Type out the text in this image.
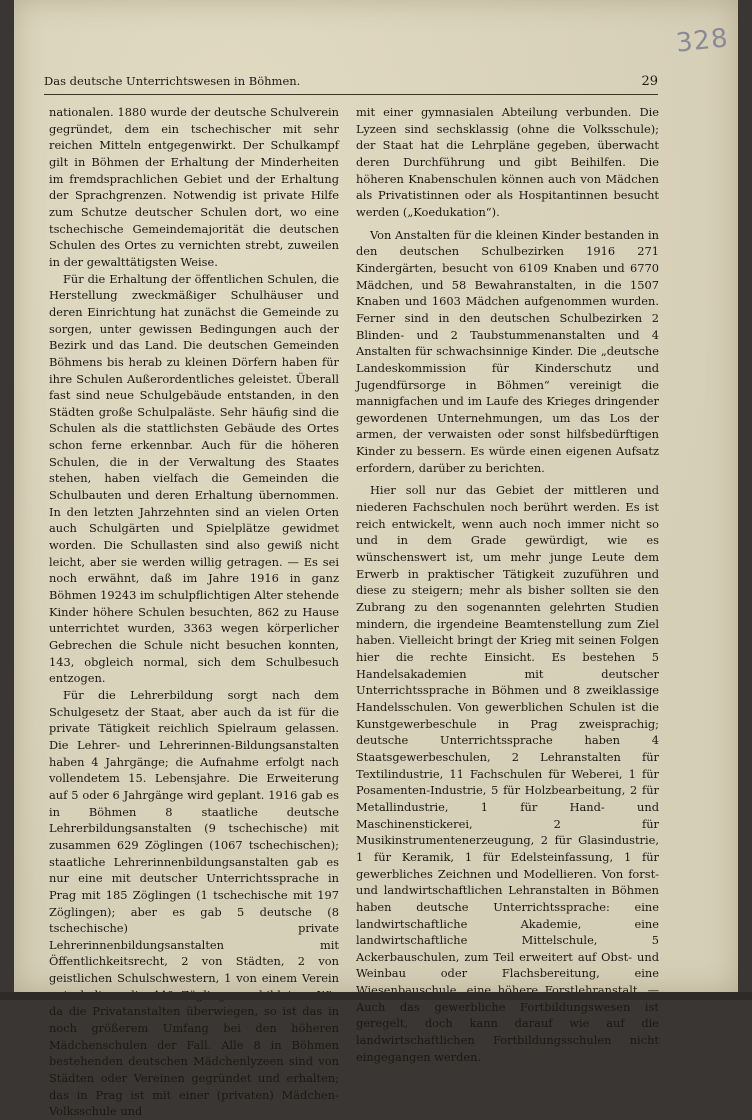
328
Das deutsche Unterrichtswesen in Böhmen.	29

nationalen. 1880 wurde der deutsche Schulverein gegründet, dem ein tschechischer mit sehr reichen Mitteln entgegenwirkt. Der Schulkampf gilt in Böhmen der Erhaltung der Minderheiten im fremdsprachlichen Gebiet und der Erhaltung der Sprachgrenzen. Notwendig ist private Hilfe zum Schutze deutscher Schulen dort, wo eine tschechische Gemeindemajorität die deutschen Schulen des Ortes zu vernichten strebt, zuweilen in der gewalttätigsten Weise.

Für die Erhaltung der öffentlichen Schulen, die Herstellung zweckmäßiger Schulhäuser und deren Einrichtung hat zunächst die Gemeinde zu sorgen, unter gewissen Bedingungen auch der Bezirk und das Land. Die deutschen Gemeinden Böhmens bis herab zu kleinen Dörfern haben für ihre Schulen Außerordentliches geleistet. Überall fast sind neue Schulgebäude entstanden, in den Städten große Schulpaläste. Sehr häufig sind die Schulen als die stattlichsten Gebäude des Ortes schon ferne erkennbar. Auch für die höheren Schulen, die in der Verwaltung des Staates stehen, haben vielfach die Gemeinden die Schulbauten und deren Erhaltung übernommen. In den letzten Jahrzehnten sind an vielen Orten auch Schulgärten und Spielplätze gewidmet worden. Die Schullasten sind also gewiß nicht leicht, aber sie werden willig getragen. — Es sei noch erwähnt, daß im Jahre 1916 in ganz Böhmen 19243 im schulpflichtigen Alter stehende Kinder höhere Schulen besuchten, 862 zu Hause unterrichtet wurden, 3363 wegen körperlicher Gebrechen die Schule nicht besuchen konnten, 143, obgleich normal, sich dem Schulbesuch entzogen.

Für die Lehrerbildung sorgt nach dem Schulgesetz der Staat, aber auch da ist für die private Tätigkeit reichlich Spielraum gelassen. Die Lehrer- und Lehrerinnen-Bildungsanstalten haben 4 Jahrgänge; die Aufnahme erfolgt nach vollendetem 15. Lebensjahre. Die Erweiterung auf 5 oder 6 Jahrgänge wird geplant. 1916 gab es in Böhmen 8 staatliche deutsche Lehrerbildungsanstalten (9 tschechische) mit zusammen 629 Zöglingen (1067 tschechischen); staatliche Lehrerinnenbildungsanstalten gab es nur eine mit deutscher Unterrichtssprache in Prag mit 185 Zöglingen (1 tschechische mit 197 Zöglingen); aber es gab 5 deutsche (8 tschechische) private Lehrerinnenbildungsanstalten mit Öffentlichkeitsrecht, 2 von Städten, 2 von geistlichen Schulschwestern, 1 von einem Verein unterhalten, die 440 Zöglinge ausbildeten. Wie da die Privatanstalten überwiegen, so ist das in noch größerem Umfang bei den höheren Mädchenschulen der Fall. Alle 8 in Böhmen bestehenden deutschen Mädchenlyzeen sind von Städten oder Vereinen gegründet und erhalten; das in Prag ist mit einer (privaten) Mädchen-

mit einer gymnasialen Abteilung verbunden. Die Lyzeen sind sechsklassig (ohne die Volksschule); der Staat hat die Lehrpläne gegeben, überwacht deren Durchführung und gibt Beihilfen. Die höheren Knabenschulen können auch von Mädchen als Privatistinnen oder als Hospitantinnen besucht werden („Koedukation“).

Von Anstalten für die kleinen Kinder bestanden in den deutschen Schulbezirken 1916 271 Kindergärten, besucht von 6109 Knaben und 6770 Mädchen, und 58 Bewahranstalten, in die 1507 Knaben und 1603 Mädchen aufgenommen wurden. Ferner sind in den deutschen Schulbezirken 2 Blinden- und 2 Taubstummenanstalten und 4 Anstalten für schwachsinnige Kinder. Die „deutsche Landeskommission für Kinderschutz und Jugendfürsorge in Böhmen“ vereinigt die mannigfachen und im Laufe des Krieges dringender gewordenen Unternehmungen, um das Los der armen, der verwaisten oder sonst hilfsbedürftigen Kinder zu bessern. Es würde einen eigenen Aufsatz erfordern, darüber zu berichten.

Hier soll nur das Gebiet der mittleren und niederen Fachschulen noch berührt werden. Es ist reich entwickelt, wenn auch noch immer nicht so und in dem Grade gewürdigt, wie es wünschenswert ist, um mehr junge Leute dem Erwerb in praktischer Tätigkeit zuzuführen und diese zu steigern; mehr als bisher sollten sie den Zubrang zu den sogenannten gelehrten Studien mindern, die irgendeine Beamtenstellung zum Ziel haben. Vielleicht bringt der Krieg mit seinen Folgen hier die rechte Einsicht. Es bestehen 5 Handelsakademien mit deutscher Unterrichtssprache in Böhmen und 8 zweiklassige Handelsschulen. Von gewerblichen Schulen ist die Kunstgewerbeschule in Prag zweisprachig; deutsche Unterrichtssprache haben 4 Staatsgewerbeschulen, 2 Lehranstalten für Textilindustrie, 11 Fachschulen für Weberei, 1 für Posamenten-Industrie, 5 für Holzbearbeitung, 2 für Metallindustrie, 1 für Hand- und Maschinenstickerei, 2 für Musikinstrumentenerzeugung, 2 für Glasindustrie, 1 für Keramik, 1 für Edelsteinfassung, 1 für gewerbliches Zeichnen und Modellieren. Von forst- und landwirtschaftlichen Lehranstalten in Böhmen haben deutsche Unterrichtssprache: eine landwirtschaftliche Akademie, eine landwirtschaftliche Mittelschule, 5 Ackerbauschulen, zum Teil erweitert auf Obst- und Weinbau oder Flachsbereitung, eine Wiesenbauschule, eine höhere Forstlehranstalt. — Auch das gewerbliche Fortbildungswesen ist geregelt, doch kann darauf wie auf die landwirtschaftlichen Fortbildungsschulen nicht eingegangen werden.
